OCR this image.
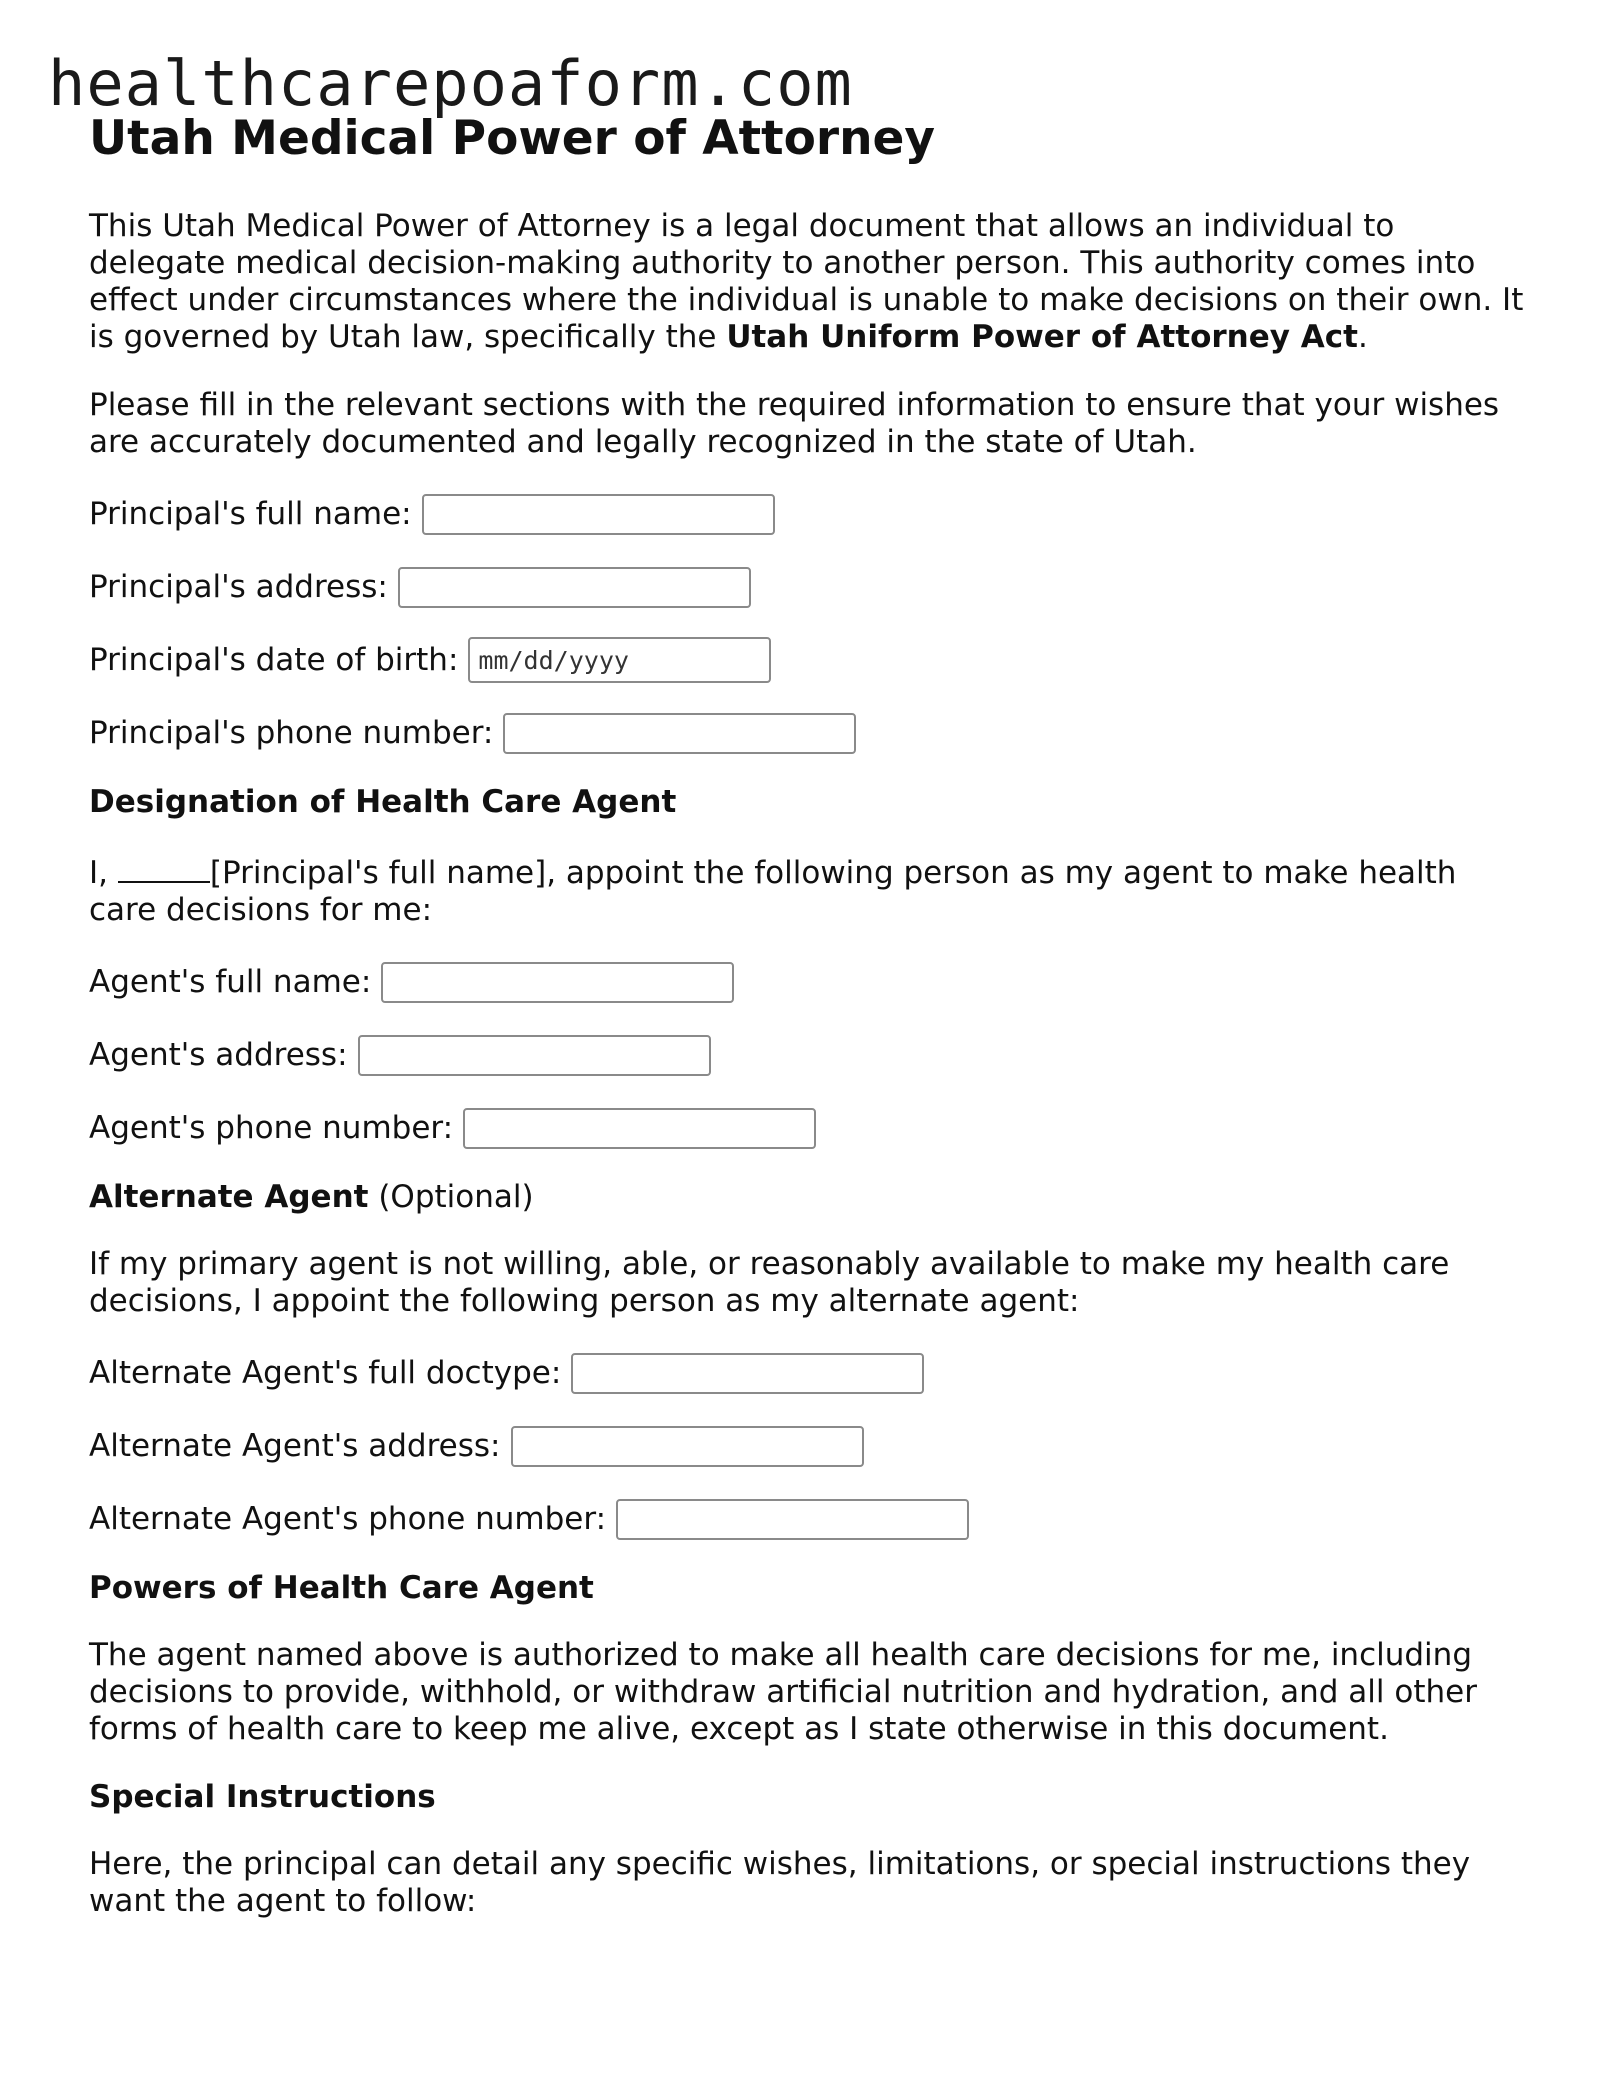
healthcarepoaform.com
Utah Medical Power of Attorney

This Utah Medical Power of Attorney is a legal document that allows an individual to delegate medical decision-making authority to another person. This authority comes into effect under circumstances where the individual is unable to make decisions on their own. It is governed by Utah law, specifically the Utah Uniform Power of Attorney Act.

Please fill in the relevant sections with the required information to ensure that your wishes are accurately documented and legally recognized in the state of Utah.

Principal's full name:
Principal's address:
Principal's date of birth:
mm/dd/yyyy
Principal's phone number:
Designation of Health Care Agent

I,	[Principal's full name], appoint the following person as my agent to make health care decisions for me:

Agent's full name:
Agent's address:
Agent's phone number:
Alternate Agent (Optional)

If my primary agent is not willing, able, or reasonably available to make my health care decisions, I appoint the following person as my alternate agent:

Alternate Agent's full doctype:
Alternate Agent's address:
Alternate Agent's phone number:
Powers of Health Care Agent

The agent named above is authorized to make all health care decisions for me, including decisions to provide, withhold, or withdraw artificial nutrition and hydration, and all other forms of health care to keep me alive, except as I state otherwise in this document.

Special Instructions

Here, the principal can detail any specific wishes, limitations, or special instructions they want the agent to follow:
